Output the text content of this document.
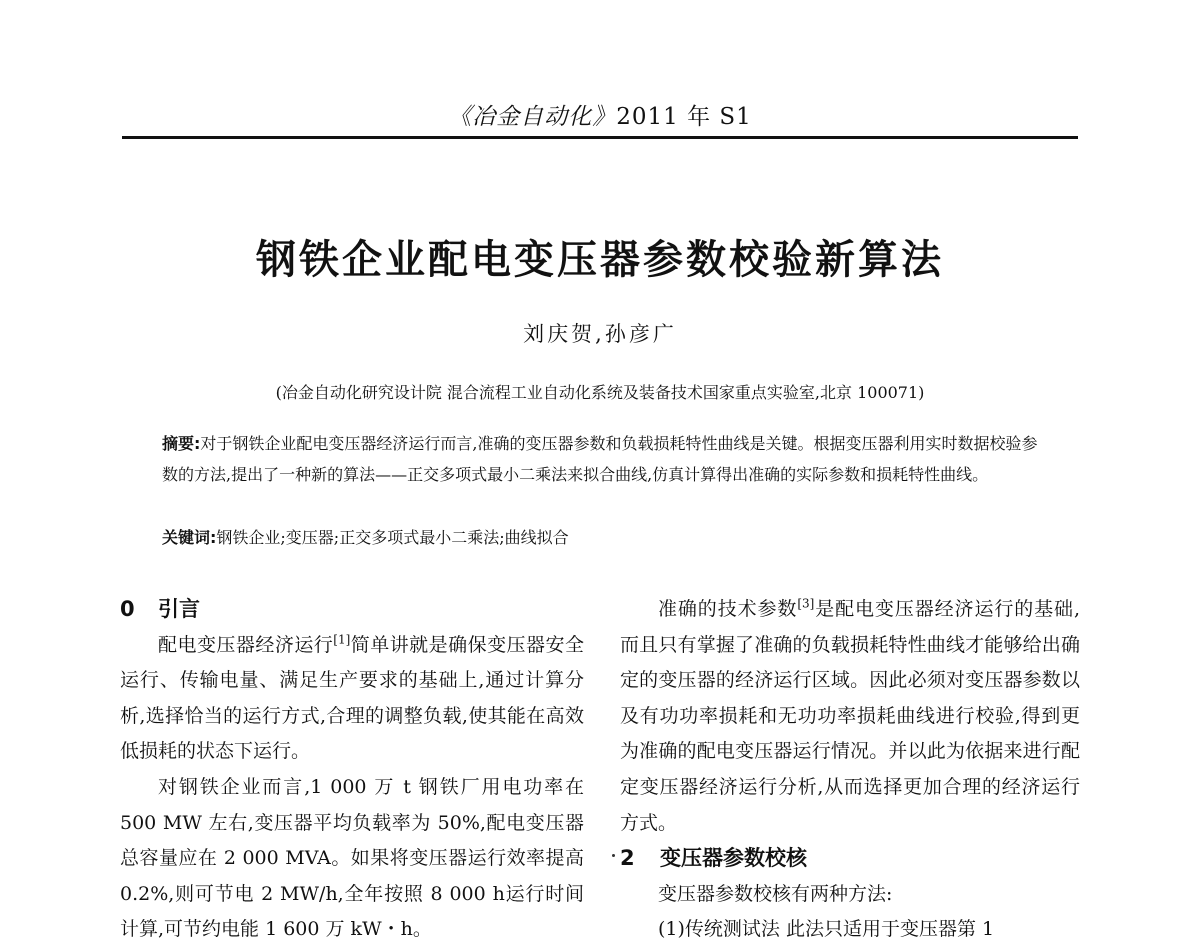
《冶金自动化》2011 年 S1
钢铁企业配电变压器参数校验新算法
刘庆贺,孙彦广
(冶金自动化研究设计院 混合流程工业自动化系统及装备技术国家重点实验室,北京 100071)
摘要:对于钢铁企业配电变压器经济运行而言,准确的变压器参数和负载损耗特性曲线是关键。根据变压器利用实时数据校验参数的方法,提出了一种新的算法——正交多项式最小二乘法来拟合曲线,仿真计算得出准确的实际参数和损耗特性曲线。
关键词:钢铁企业;变压器;正交多项式最小二乘法;曲线拟合
0 引言

配电变压器经济运行[1]简单讲就是确保变压器安全运行、传输电量、满足生产要求的基础上,通过计算分析,选择恰当的运行方式,合理的调整负载,使其能在高效低损耗的状态下运行。

对钢铁企业而言,1 000 万 t 钢铁厂用电功率在 500 MW 左右,变压器平均负载率为 50%,配电变压器总容量应在 2 000 MVA。如果将变压器运行效率提高 0.2%,则可节电 2 MW/h,全年按照 8 000 h运行时间计算,可节约电能 1 600 万 kW・h。

准确的技术参数[3]是配电变压器经济运行的基础,而且只有掌握了准确的负载损耗特性曲线才能够给出确定的变压器的经济运行区域。因此必须对变压器参数以及有功功率损耗和无功功率损耗曲线进行校验,得到更为准确的配电变压器运行情况。并以此为依据来进行配定变压器经济运行分析,从而选择更加合理的经济运行方式。

2 变压器参数校核

变压器参数校核有两种方法:

(1)传统测试法 此法只适用于变压器第 1
